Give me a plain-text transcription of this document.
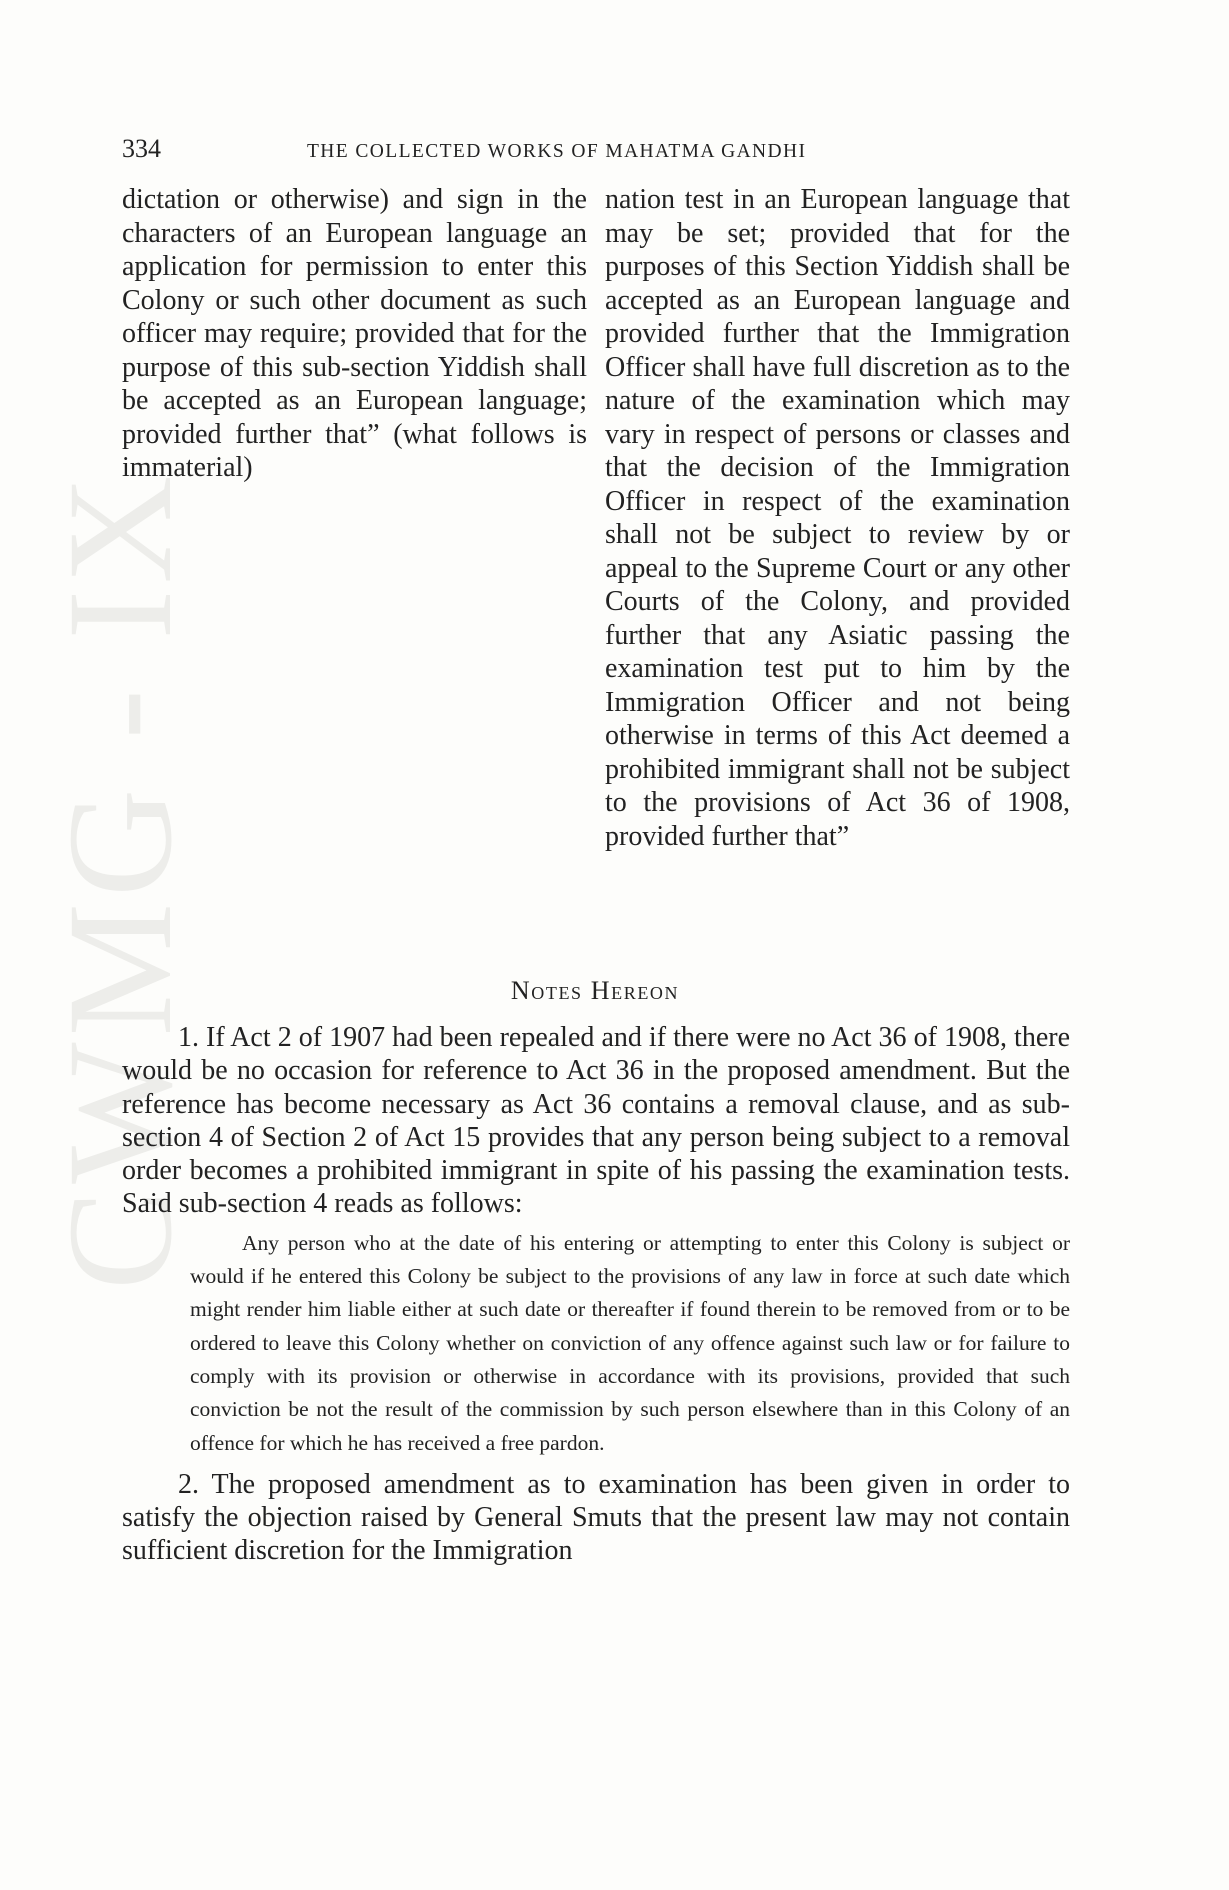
CWMG - IX
334	THE COLLECTED WORKS OF MAHATMA GANDHI

dictation or otherwise) and sign in the characters of an European language an application for permission to enter this Colony or such other document as such officer may require; provided that for the purpose of this sub-section Yiddish shall be accepted as an European language; provided further that” (what follows is immaterial)

nation test in an European language that may be set; provided that for the purposes of this Section Yiddish shall be accepted as an European language and provided further that the Immigration Officer shall have full discretion as to the nature of the examination which may vary in respect of persons or classes and that the decision of the Immigration Officer in respect of the examination shall not be subject to review by or appeal to the Supreme Court or any other Courts of the Colony, and provided further that any Asiatic passing the examination test put to him by the Immigration Officer and not being otherwise in terms of this Act deemed a prohibited immigrant shall not be subject to the provisions of Act 36 of 1908, provided further that”

Notes Hereon

1. If Act 2 of 1907 had been repealed and if there were no Act 36 of 1908, there would be no occasion for reference to Act 36 in the proposed amendment. But the reference has become necessary as Act 36 contains a removal clause, and as sub-section 4 of Section 2 of Act 15 provides that any person being subject to a removal order becomes a prohibited immigrant in spite of his passing the examination tests. Said sub-section 4 reads as follows:

Any person who at the date of his entering or attempting to enter this Colony is subject or would if he entered this Colony be subject to the provisions of any law in force at such date which might render him liable either at such date or thereafter if found therein to be removed from or to be ordered to leave this Colony whether on conviction of any offence against such law or for failure to comply with its provision or otherwise in accordance with its provisions, provided that such conviction be not the result of the commission by such person elsewhere than in this Colony of an offence for which he has received a free pardon.

2. The proposed amendment as to examination has been given in order to satisfy the objection raised by General Smuts that the present law may not contain sufficient discretion for the Immigration
